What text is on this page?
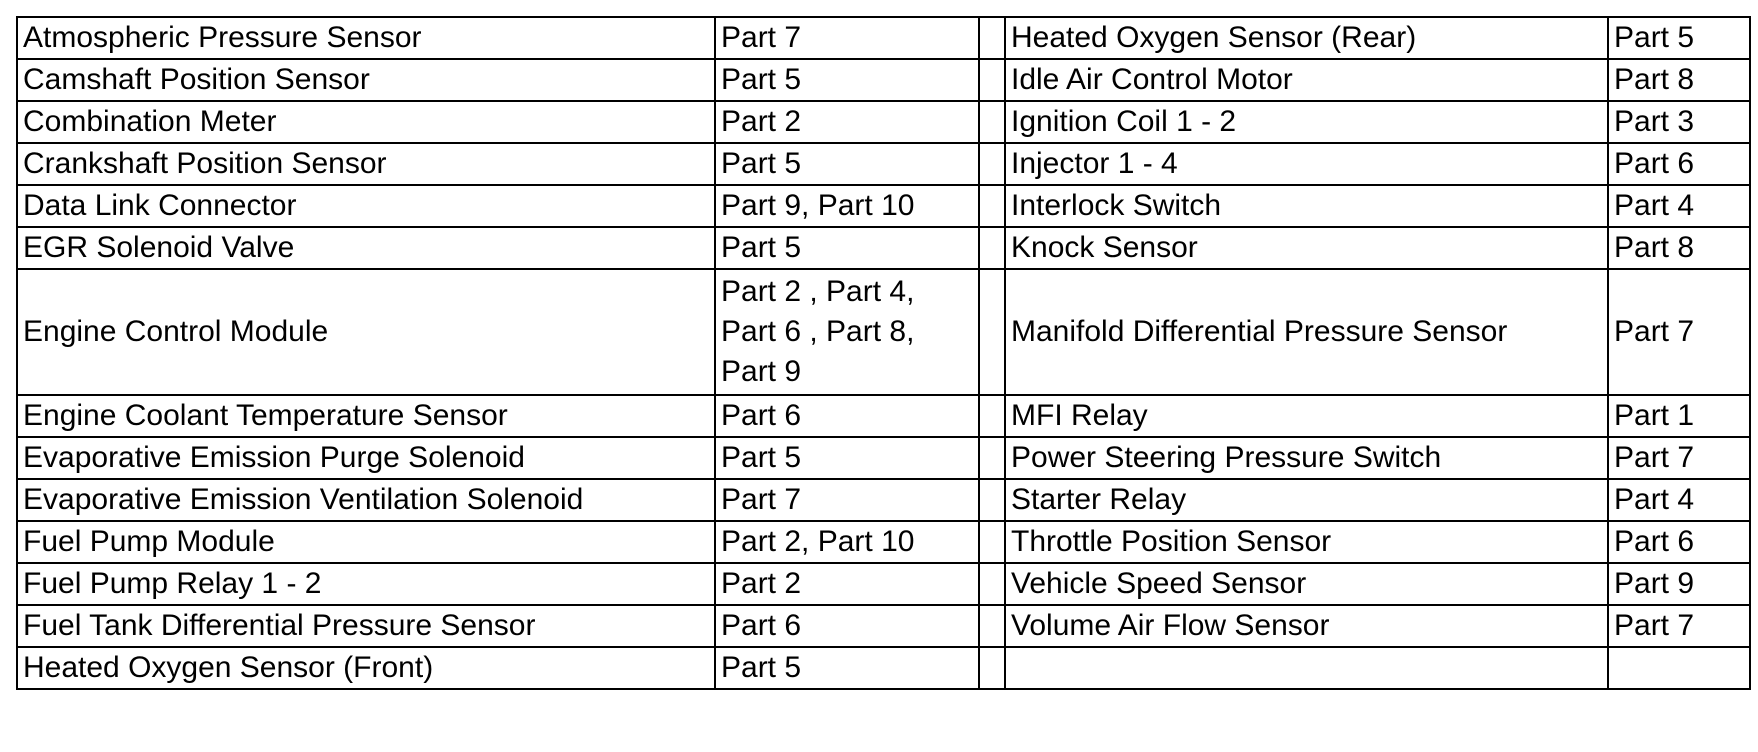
Atmospheric Pressure Sensor	Part 7		Heated Oxygen Sensor (Rear)	Part 5
Camshaft Position Sensor	Part 5		Idle Air Control Motor	Part 8
Combination Meter	Part 2		Ignition Coil 1 - 2	Part 3
Crankshaft Position Sensor	Part 5		Injector 1 - 4	Part 6
Data Link Connector	Part 9, Part 10		Interlock Switch	Part 4
EGR Solenoid Valve	Part 5		Knock Sensor	Part 8
Engine Control Module	Part 2 , Part 4,
Part 6 , Part 8,
Part 9		Manifold Differential Pressure Sensor	Part 7
Engine Coolant Temperature Sensor	Part 6		MFI Relay	Part 1
Evaporative Emission Purge Solenoid	Part 5		Power Steering Pressure Switch	Part 7
Evaporative Emission Ventilation Solenoid	Part 7		Starter Relay	Part 4
Fuel Pump Module	Part 2, Part 10		Throttle Position Sensor	Part 6
Fuel Pump Relay 1 - 2	Part 2		Vehicle Speed Sensor	Part 9
Fuel Tank Differential Pressure Sensor	Part 6		Volume Air Flow Sensor	Part 7
Heated Oxygen Sensor (Front)	Part 5			
